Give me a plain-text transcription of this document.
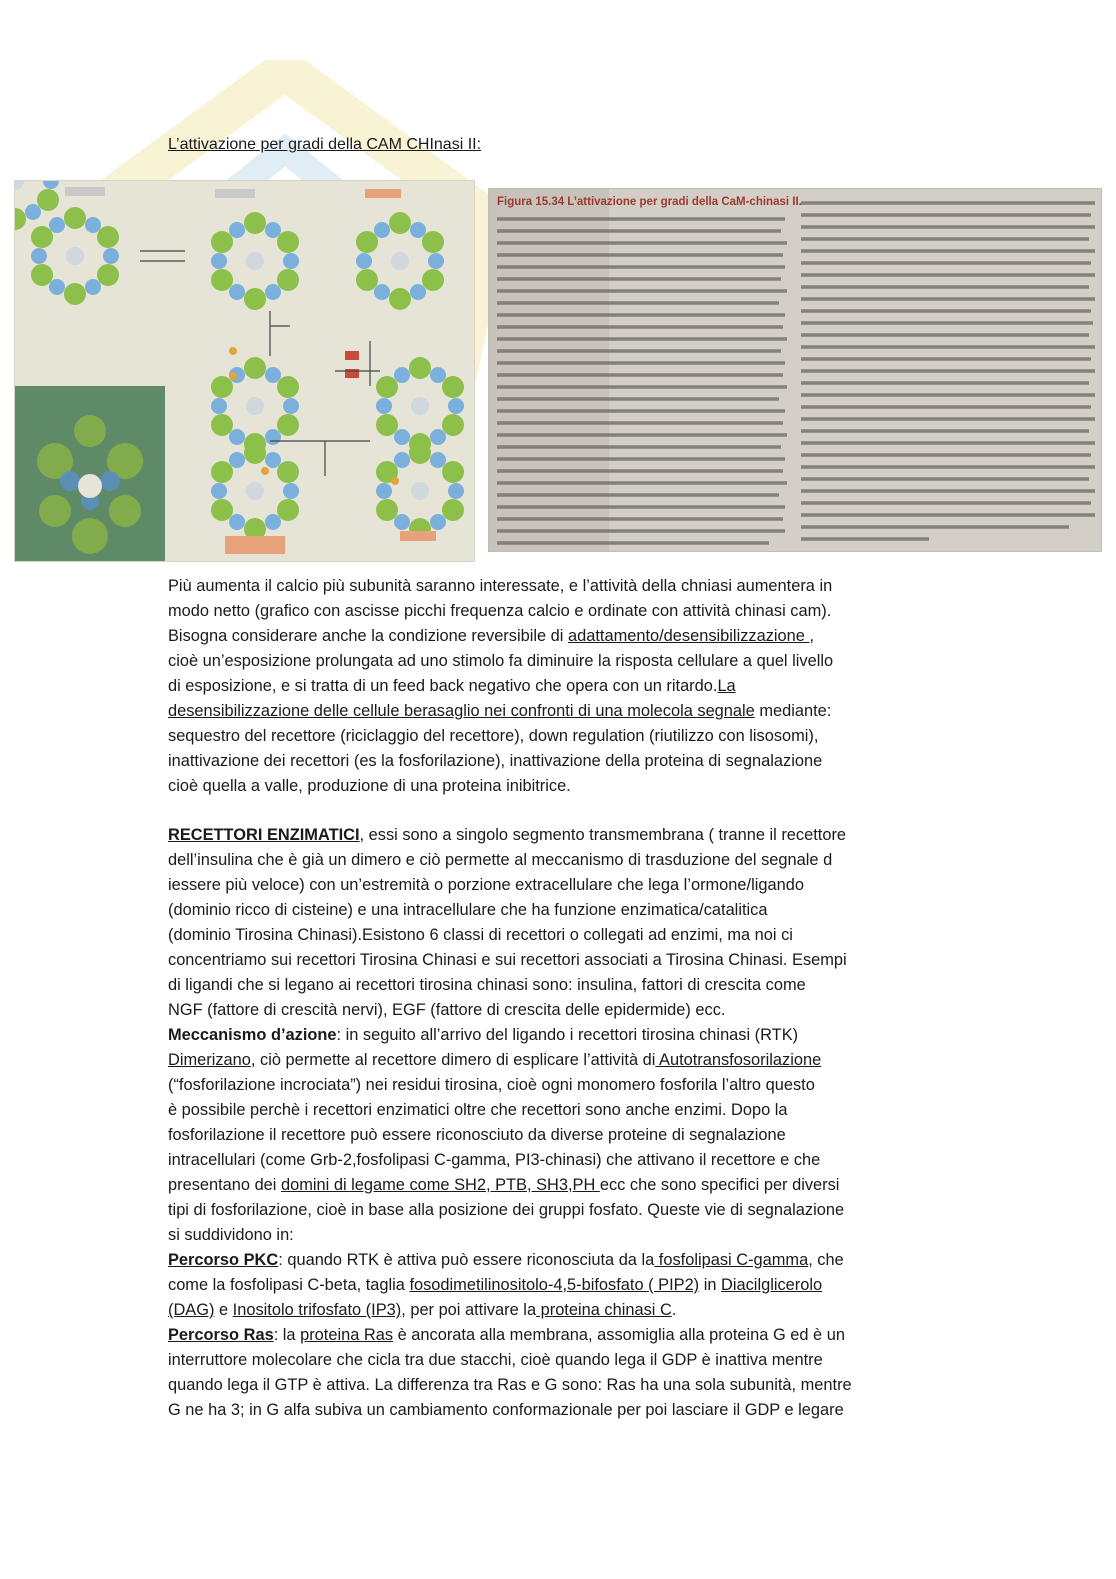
L’attivazione per gradi della CAM CHInasi II:
Figura 15.34 L’attivazione per gradi della CaM-chinasi II.

Più aumenta il calcio più subunità saranno interessate, e l’attività della chniasi aumentera in

modo netto (grafico con ascisse picchi frequenza calcio e ordinate con attività chinasi cam).

Bisogna considerare anche la condizione reversibile di adattamento/desensibilizzazione ,

cioè un’esposizione prolungata ad uno stimolo fa diminuire la risposta cellulare a quel livello

di esposizione, e si tratta di un feed back negativo che opera con un ritardo.La

desensibilizzazione delle cellule berasaglio nei confronti di una molecola segnale mediante:

sequestro del recettore (riciclaggio del recettore), down regulation (riutilizzo con lisosomi),

inattivazione dei recettori (es la fosforilazione), inattivazione della proteina di segnalazione

cioè quella a valle, produzione di una proteina inibitrice.

RECETTORI ENZIMATICI, essi sono a singolo segmento transmembrana ( tranne il recettore

dell’insulina che è già un dimero e ciò permette al meccanismo di trasduzione del segnale d

iessere più veloce) con un’estremità o porzione extracellulare che lega l’ormone/ligando

(dominio ricco di cisteine) e una intracellulare che ha funzione enzimatica/catalitica

(dominio Tirosina Chinasi).Esistono 6 classi di recettori o collegati ad enzimi, ma noi ci

concentriamo sui recettori Tirosina Chinasi e sui recettori associati a Tirosina Chinasi. Esempi

di ligandi che si legano ai recettori tirosina chinasi sono: insulina, fattori di crescita come

NGF (fattore di crescità nervi), EGF (fattore di crescita delle epidermide) ecc.

Meccanismo d’azione: in seguito all’arrivo del ligando i recettori tirosina chinasi (RTK)

Dimerizano, ciò permette al recettore dimero di esplicare l’attività di Autotransfosorilazione

(“fosforilazione incrociata”) nei residui tirosina, cioè ogni monomero fosforila l’altro questo

è possibile perchè i recettori enzimatici oltre che recettori sono anche enzimi. Dopo la

fosforilazione il recettore può essere riconosciuto da diverse proteine di segnalazione

intracellulari (come Grb-2,fosfolipasi C-gamma, PI3-chinasi) che attivano il recettore e che

presentano dei domini di legame come SH2, PTB, SH3,PH ecc che sono specifici per diversi

tipi di fosforilazione, cioè in base alla posizione dei gruppi fosfato. Queste vie di segnalazione

si suddividono in:

Percorso PKC: quando RTK è attiva può essere riconosciuta da la fosfolipasi C-gamma, che

come la fosfolipasi C-beta, taglia fosodimetilinositolo-4,5-bifosfato ( PIP2) in Diacilglicerolo

(DAG) e Inositolo trifosfato (IP3), per poi attivare la proteina chinasi C.

Percorso Ras: la proteina Ras è ancorata alla membrana, assomiglia alla proteina G ed è un

interruttore molecolare che cicla tra due stacchi, cioè quando lega il GDP è inattiva mentre

quando lega il GTP è attiva. La differenza tra Ras e G sono: Ras ha una sola subunità, mentre

G ne ha 3; in G alfa subiva un cambiamento conformazionale per poi lasciare il GDP e legare
